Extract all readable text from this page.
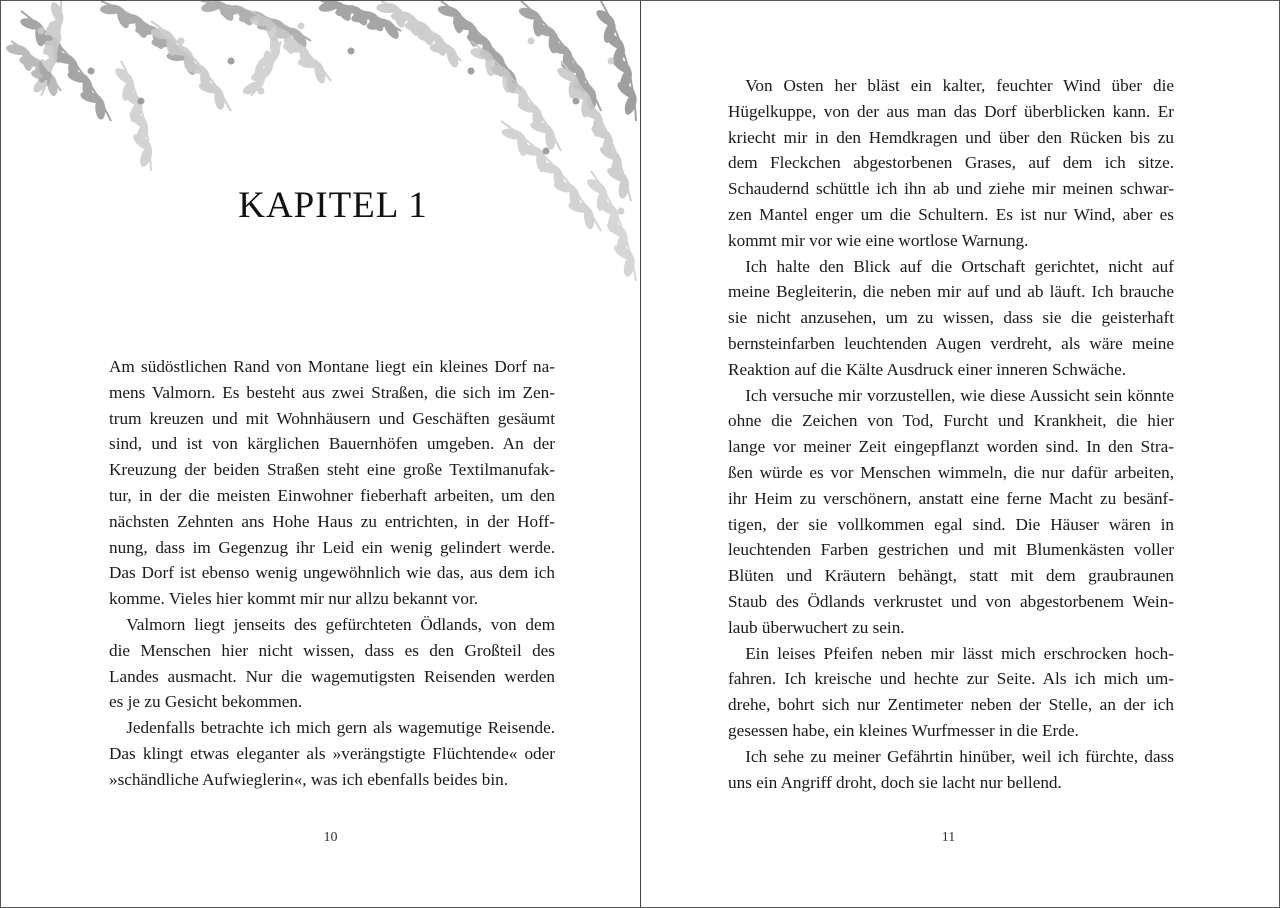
KAPITEL 1
Am südöstlichen Rand von Montane liegt ein kleines Dorf na-
mens Valmorn. Es besteht aus zwei Straßen, die sich im Zen-
trum kreuzen und mit Wohnhäusern und Geschäften gesäumt
sind, und ist von kärglichen Bauernhöfen umgeben. An der
Kreuzung der beiden Straßen steht eine große Textilmanufak-
tur, in der die meisten Einwohner fieberhaft arbeiten, um den
nächsten Zehnten ans Hohe Haus zu entrichten, in der Hoff-
nung, dass im Gegenzug ihr Leid ein wenig gelindert werde.
Das Dorf ist ebenso wenig ungewöhnlich wie das, aus dem ich
komme. Vieles hier kommt mir nur allzu bekannt vor.
 Valmorn liegt jenseits des gefürchteten Ödlands, von dem
die Menschen hier nicht wissen, dass es den Großteil des
Landes ausmacht. Nur die wagemutigsten Reisenden werden
es je zu Gesicht bekommen.
 Jedenfalls betrachte ich mich gern als wagemutige Reisende.
Das klingt etwas eleganter als »verängstigte Flüchtende« oder
»schändliche Aufwieglerin«, was ich ebenfalls beides bin.
10
 Von Osten her bläst ein kalter, feuchter Wind über die
Hügelkuppe, von der aus man das Dorf überblicken kann. Er
kriecht mir in den Hemdkragen und über den Rücken bis zu
dem Fleckchen abgestorbenen Grases, auf dem ich sitze.
Schaudernd schüttle ich ihn ab und ziehe mir meinen schwar-
zen Mantel enger um die Schultern. Es ist nur Wind, aber es
kommt mir vor wie eine wortlose Warnung.
 Ich halte den Blick auf die Ortschaft gerichtet, nicht auf
meine Begleiterin, die neben mir auf und ab läuft. Ich brauche
sie nicht anzusehen, um zu wissen, dass sie die geisterhaft
bernsteinfarben leuchtenden Augen verdreht, als wäre meine
Reaktion auf die Kälte Ausdruck einer inneren Schwäche.
 Ich versuche mir vorzustellen, wie diese Aussicht sein könnte
ohne die Zeichen von Tod, Furcht und Krankheit, die hier
lange vor meiner Zeit eingepflanzt worden sind. In den Stra-
ßen würde es vor Menschen wimmeln, die nur dafür arbeiten,
ihr Heim zu verschönern, anstatt eine ferne Macht zu besänf-
tigen, der sie vollkommen egal sind. Die Häuser wären in
leuchtenden Farben gestrichen und mit Blumenkästen voller
Blüten und Kräutern behängt, statt mit dem graubraunen
Staub des Ödlands verkrustet und von abgestorbenem Wein-
laub überwuchert zu sein.
 Ein leises Pfeifen neben mir lässt mich erschrocken hoch-
fahren. Ich kreische und hechte zur Seite. Als ich mich um-
drehe, bohrt sich nur Zentimeter neben der Stelle, an der ich
gesessen habe, ein kleines Wurfmesser in die Erde.
 Ich sehe zu meiner Gefährtin hinüber, weil ich fürchte, dass
uns ein Angriff droht, doch sie lacht nur bellend.
11
